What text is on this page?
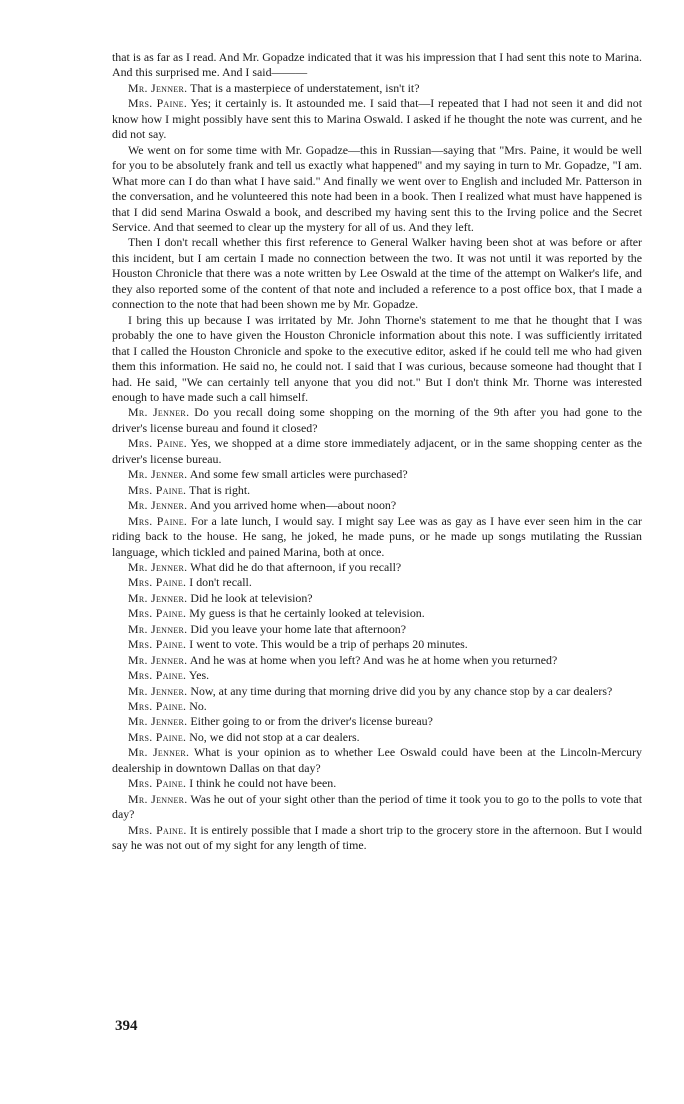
that is as far as I read. And Mr. Gopadze indicated that it was his impression that I had sent this note to Marina. And this surprised me. And I said———

Mr. Jenner. That is a masterpiece of understatement, isn't it?

Mrs. Paine. Yes; it certainly is. It astounded me. I said that—I repeated that I had not seen it and did not know how I might possibly have sent this to Marina Oswald. I asked if he thought the note was current, and he did not say.

We went on for some time with Mr. Gopadze—this in Russian—saying that "Mrs. Paine, it would be well for you to be absolutely frank and tell us exactly what happened" and my saying in turn to Mr. Gopadze, "I am. What more can I do than what I have said." And finally we went over to English and included Mr. Patterson in the conversation, and he volunteered this note had been in a book. Then I realized what must have happened is that I did send Marina Oswald a book, and described my having sent this to the Irving police and the Secret Service. And that seemed to clear up the mystery for all of us. And they left.

Then I don't recall whether this first reference to General Walker having been shot at was before or after this incident, but I am certain I made no connection between the two. It was not until it was reported by the Houston Chronicle that there was a note written by Lee Oswald at the time of the attempt on Walker's life, and they also reported some of the content of that note and included a reference to a post office box, that I made a connection to the note that had been shown me by Mr. Gopadze.

I bring this up because I was irritated by Mr. John Thorne's statement to me that he thought that I was probably the one to have given the Houston Chronicle information about this note. I was sufficiently irritated that I called the Houston Chronicle and spoke to the executive editor, asked if he could tell me who had given them this information. He said no, he could not. I said that I was curious, because someone had thought that I had. He said, "We can certainly tell anyone that you did not." But I don't think Mr. Thorne was interested enough to have made such a call himself.

Mr. Jenner. Do you recall doing some shopping on the morning of the 9th after you had gone to the driver's license bureau and found it closed?

Mrs. Paine. Yes, we shopped at a dime store immediately adjacent, or in the same shopping center as the driver's license bureau.

Mr. Jenner. And some few small articles were purchased?

Mrs. Paine. That is right.

Mr. Jenner. And you arrived home when—about noon?

Mrs. Paine. For a late lunch, I would say. I might say Lee was as gay as I have ever seen him in the car riding back to the house. He sang, he joked, he made puns, or he made up songs mutilating the Russian language, which tickled and pained Marina, both at once.

Mr. Jenner. What did he do that afternoon, if you recall?

Mrs. Paine. I don't recall.

Mr. Jenner. Did he look at television?

Mrs. Paine. My guess is that he certainly looked at television.

Mr. Jenner. Did you leave your home late that afternoon?

Mrs. Paine. I went to vote. This would be a trip of perhaps 20 minutes.

Mr. Jenner. And he was at home when you left? And was he at home when you returned?

Mrs. Paine. Yes.

Mr. Jenner. Now, at any time during that morning drive did you by any chance stop by a car dealers?

Mrs. Paine. No.

Mr. Jenner. Either going to or from the driver's license bureau?

Mrs. Paine. No, we did not stop at a car dealers.

Mr. Jenner. What is your opinion as to whether Lee Oswald could have been at the Lincoln-Mercury dealership in downtown Dallas on that day?

Mrs. Paine. I think he could not have been.

Mr. Jenner. Was he out of your sight other than the period of time it took you to go to the polls to vote that day?

Mrs. Paine. It is entirely possible that I made a short trip to the grocery store in the afternoon. But I would say he was not out of my sight for any length of time.

394
